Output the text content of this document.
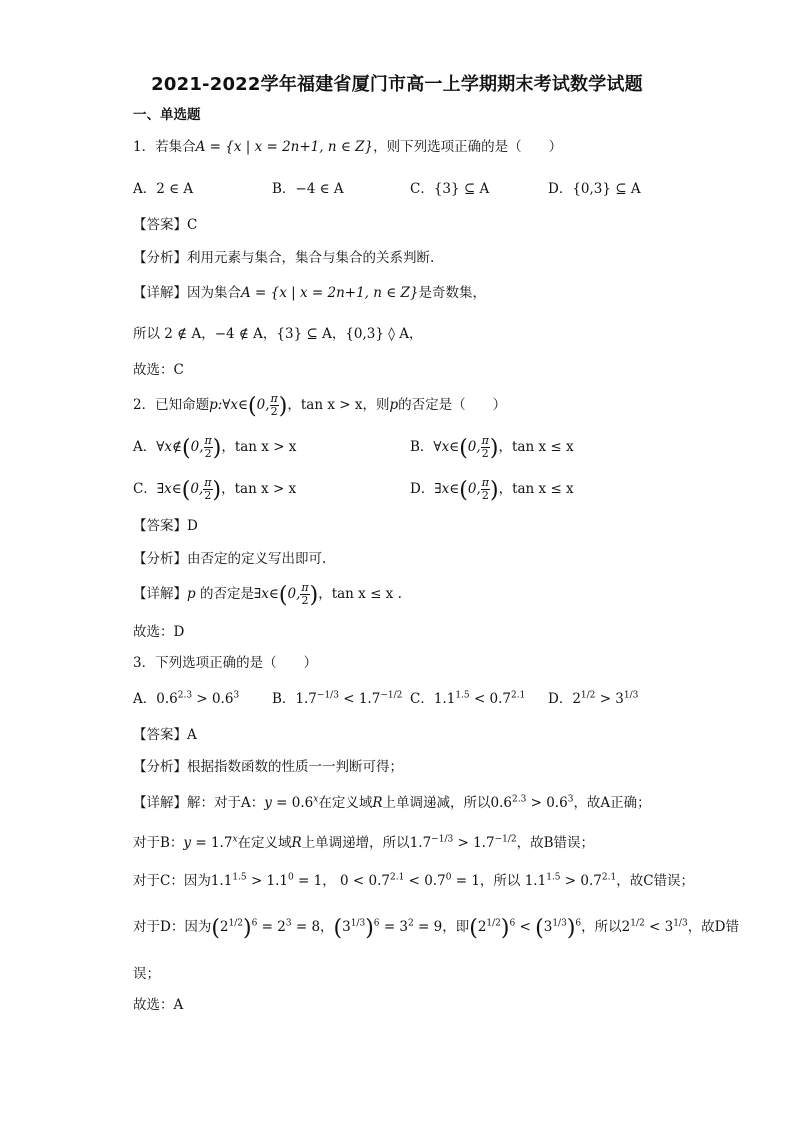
2021-2022学年福建省厦门市高一上学期期末考试数学试题
一、单选题
1．若集合A = {x | x = 2n+1, n ∈ Z}，则下列选项正确的是（　　）
A．2 ∈ A	B．−4 ∈ A	C．{3} ⊆ A	D．{0,3} ⊆ A
【答案】C
【分析】利用元素与集合，集合与集合的关系判断.
【详解】因为集合A = {x | x = 2n+1, n ∈ Z}是奇数集，
所以 2 ∉ A，−4 ∉ A，{3} ⊆ A，{0,3} ◊ A，
故选：C
2．已知命题p:∀x∈(0, $\frac{\pi}{2}$ )，tan x > x，则p的否定是（　　）
A．∀x∉(0, $\frac{\pi}{2}$ )，tan x > x	B．∀x∈(0, $\frac{\pi}{2}$ )，tan x ≤ x
C．∃x∈(0, $\frac{\pi}{2}$ )，tan x > x	D．∃x∈(0, $\frac{\pi}{2}$ )，tan x ≤ x
【答案】D
【分析】由否定的定义写出即可.
【详解】p 的否定是∃x∈(0, $\frac{\pi}{2}$ )，tan x ≤ x .
故选：D
3．下列选项正确的是（　　）
A．$0.6^{2.3} > 0.6^3$ B．$1.7^{-1/3} < 1.7^{-1/2}$ C．$1.1^{1.5} < 0.7^{2.1}$ D．$2^{1/2} > 3^{1/3}$
【答案】A
【分析】根据指数函数的性质一一判断可得；
【详解】解：对于A：$y = 0.6^x$在定义域R上单调递减，所以$0.6^{2.3} > 0.6^3$，故A正确；
对于B：$y = 1.7^x$在定义域R上单调递增，所以$1.7^{-1/3} > 1.7^{-1/2}$，故B错误；
对于C：因为$1.1^{1.5} > 1.1^0 = 1$， $0 < 0.7^{2.1} < 0.7^0 = 1$，所以 $1.1^{1.5} > 0.7^{2.1}$，故C错误；
对于D：因为$(2^{1/2})^6 = 2^3 = 8$，$(3^{1/3})^6 = 3^2 = 9$，即$(2^{1/2})^6 < (3^{1/3})^6$，所以$2^{1/2} < 3^{1/3}$，故D错
误；
故选：A
